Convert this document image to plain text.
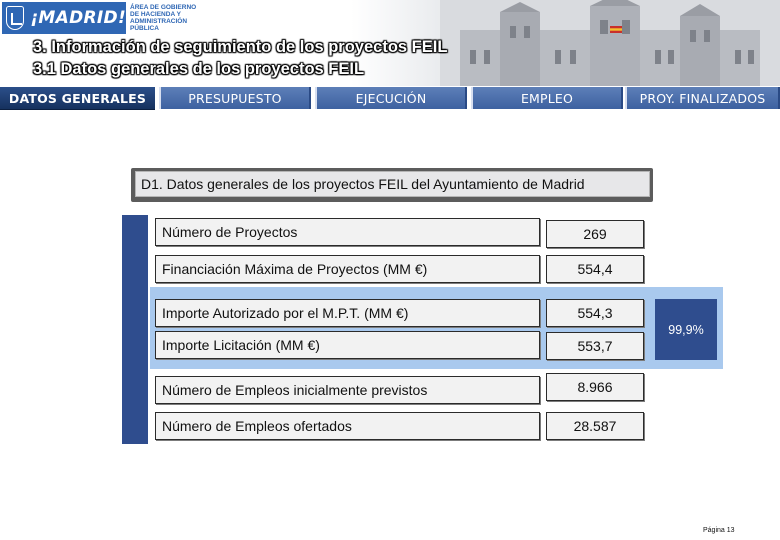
¡MADRID!
ÁREA DE GOBIERNO DE HACIENDA Y ADMINISTRACIÓN PÚBLICA
3. Información de seguimiento de los proyectos FEIL
3.1 Datos generales de los proyectos FEIL
DATOS GENERALES	PRESUPUESTO	EJECUCIÓN	EMPLEO	PROY. FINALIZADOS
D1. Datos generales de los proyectos FEIL del Ayuntamiento de Madrid
Número de Proyectos	269
Financiación Máxima de Proyectos (MM €)	554,4
Importe Autorizado por el M.P.T. (MM €)	554,3
Importe Licitación (MM €)	553,7
Número de Empleos inicialmente previstos	8.966
Número de Empleos ofertados	28.587
99,9%
Página 13
